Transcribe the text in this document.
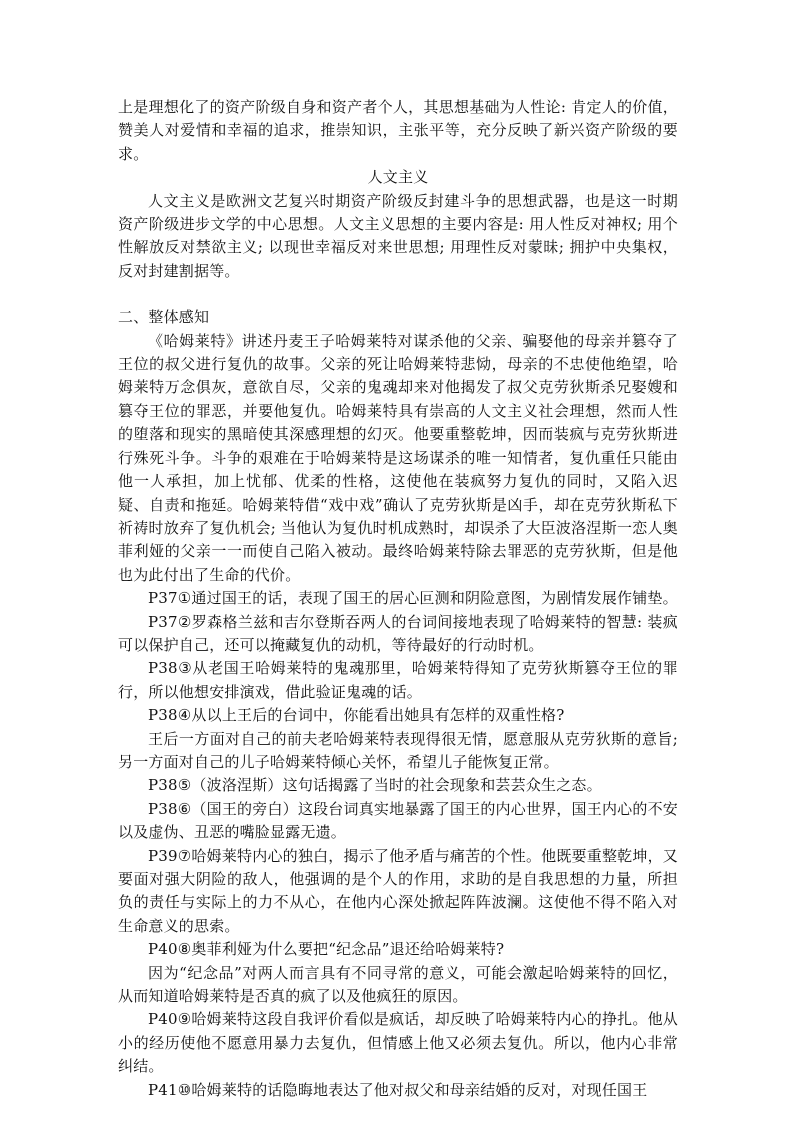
上是理想化了的资产阶级自身和资产者个人，其思想基础为人性论: 肯定人的价值，赞美人对爱情和幸福的追求，推崇知识，主张平等，充分反映了新兴资产阶级的要求。

人文主义

人文主义是欧洲文艺复兴时期资产阶级反封建斗争的思想武器，也是这一时期资产阶级进步文学的中心思想。人文主义思想的主要内容是: 用人性反对神权; 用个性解放反对禁欲主义; 以现世幸福反对来世思想; 用理性反对蒙昧; 拥护中央集权，反对封建割据等。

二、整体感知

《哈姆莱特》讲述丹麦王子哈姆莱特对谋杀他的父亲、骗娶他的母亲并篡夺了王位的叔父进行复仇的故事。父亲的死让哈姆莱特悲恸，母亲的不忠使他绝望，哈姆莱特万念俱灰，意欲自尽，父亲的鬼魂却来对他揭发了叔父克劳狄斯杀兄娶嫂和篡夺王位的罪恶，并要他复仇。哈姆莱特具有崇高的人文主义社会理想，然而人性的堕落和现实的黑暗使其深感理想的幻灭。他要重整乾坤，因而装疯与克劳狄斯进行殊死斗争。斗争的艰难在于哈姆莱特是这场谋杀的唯一知情者，复仇重任只能由他一人承担，加上忧郁、优柔的性格，这使他在装疯努力复仇的同时，又陷入迟疑、自责和拖延。哈姆莱特借“戏中戏”确认了克劳狄斯是凶手，却在克劳狄斯私下祈祷时放弃了复仇机会; 当他认为复仇时机成熟时，却误杀了大臣波洛涅斯一恋人奥菲利娅的父亲一一而使自己陷入被动。最终哈姆莱特除去罪恶的克劳狄斯，但是他也为此付出了生命的代价。

P37①通过国王的话，表现了国王的居心叵测和阴险意图，为剧情发展作铺垫。

P37②罗森格兰兹和吉尔登斯吞两人的台词间接地表现了哈姆莱特的智慧: 装疯可以保护自己，还可以掩藏复仇的动机，等待最好的行动时机。

P38③从老国王哈姆莱特的鬼魂那里，哈姆莱特得知了克劳狄斯篡夺王位的罪行，所以他想安排演戏，借此验证鬼魂的话。

P38④从以上王后的台词中，你能看出她具有怎样的双重性格?

王后一方面对自己的前夫老哈姆莱特表现得很无情，愿意服从克劳狄斯的意旨; 另一方面对自己的儿子哈姆莱特倾心关怀，希望儿子能恢复正常。

P38⑤（波洛涅斯）这句话揭露了当时的社会现象和芸芸众生之态。

P38⑥（国王的旁白）这段台词真实地暴露了国王的内心世界，国王内心的不安以及虚伪、丑恶的嘴脸显露无遗。

P39⑦哈姆莱特内心的独白，揭示了他矛盾与痛苦的个性。他既要重整乾坤，又要面对强大阴险的敌人，他强调的是个人的作用，求助的是自我思想的力量，所担负的责任与实际上的力不从心，在他内心深处掀起阵阵波澜。这使他不得不陷入对生命意义的思索。

P40⑧奥菲利娅为什么要把“纪念品”退还给哈姆莱特?

因为“纪念品”对两人而言具有不同寻常的意义，可能会激起哈姆莱特的回忆，从而知道哈姆莱特是否真的疯了以及他疯狂的原因。

P40⑨哈姆莱特这段自我评价看似是疯话，却反映了哈姆莱特内心的挣扎。他从小的经历使他不愿意用暴力去复仇，但情感上他又必须去复仇。所以，他内心非常纠结。

P41⑩哈姆莱特的话隐晦地表达了他对叔父和母亲结婚的反对，对现任国王
